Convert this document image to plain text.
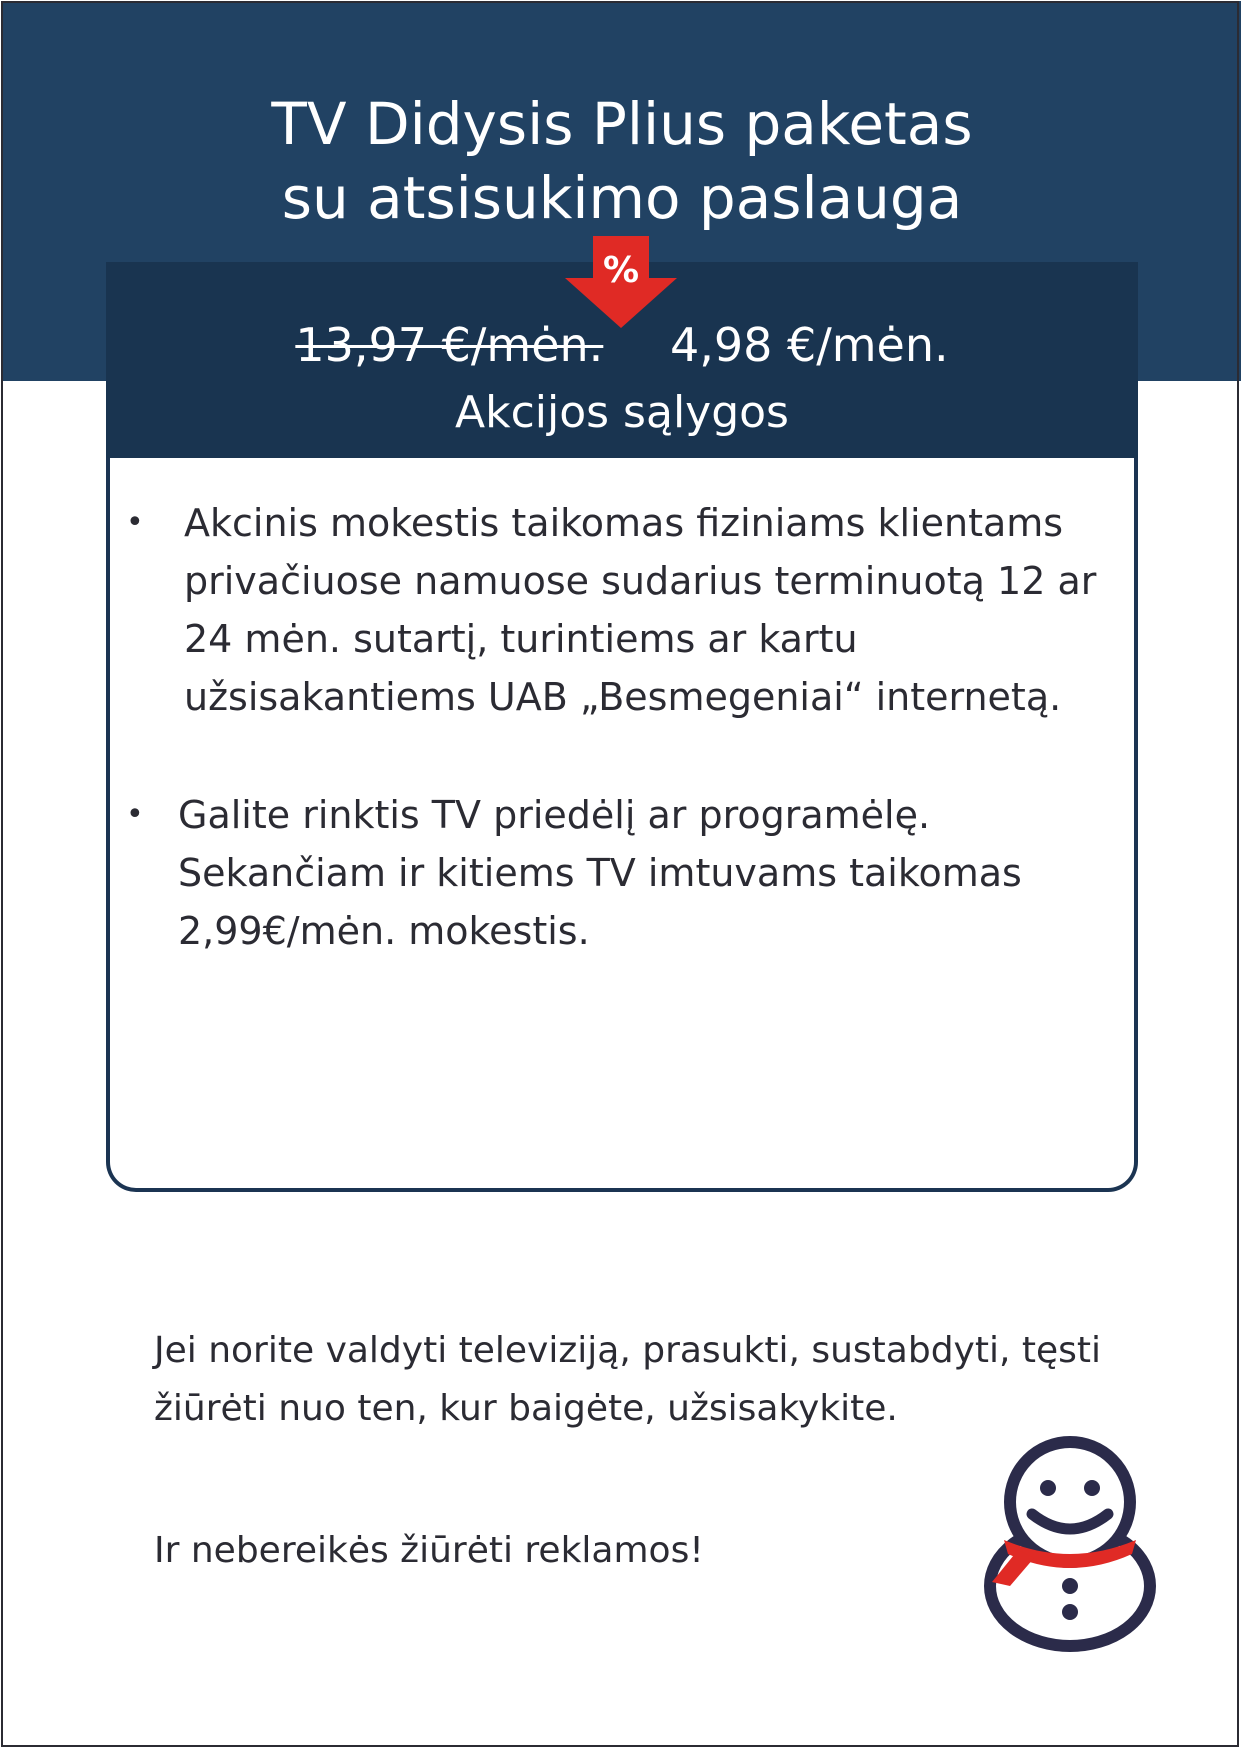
TV Didysis Plius paketas
su atsisukimo paslauga
%
13,97 €/mėn. 4,98 €/mėn.
Akcijos sąlygos
• Akcinis mokestis taikomas fiziniams klientams privačiuose namuose sudarius terminuotą 12 ar 24 mėn. sutartį, turintiems ar kartu užsisakantiems UAB „Besmegeniai“ internetą.
• Galite rinktis TV priedėlį ar programėlę. Sekančiam ir kitiems TV imtuvams taikomas 2,99€/mėn. mokestis.

Jei norite valdyti televiziją, prasukti, sustabdyti, tęsti žiūrėti nuo ten, kur baigėte, užsisakykite.

Ir nebereikės žiūrėti reklamos!
